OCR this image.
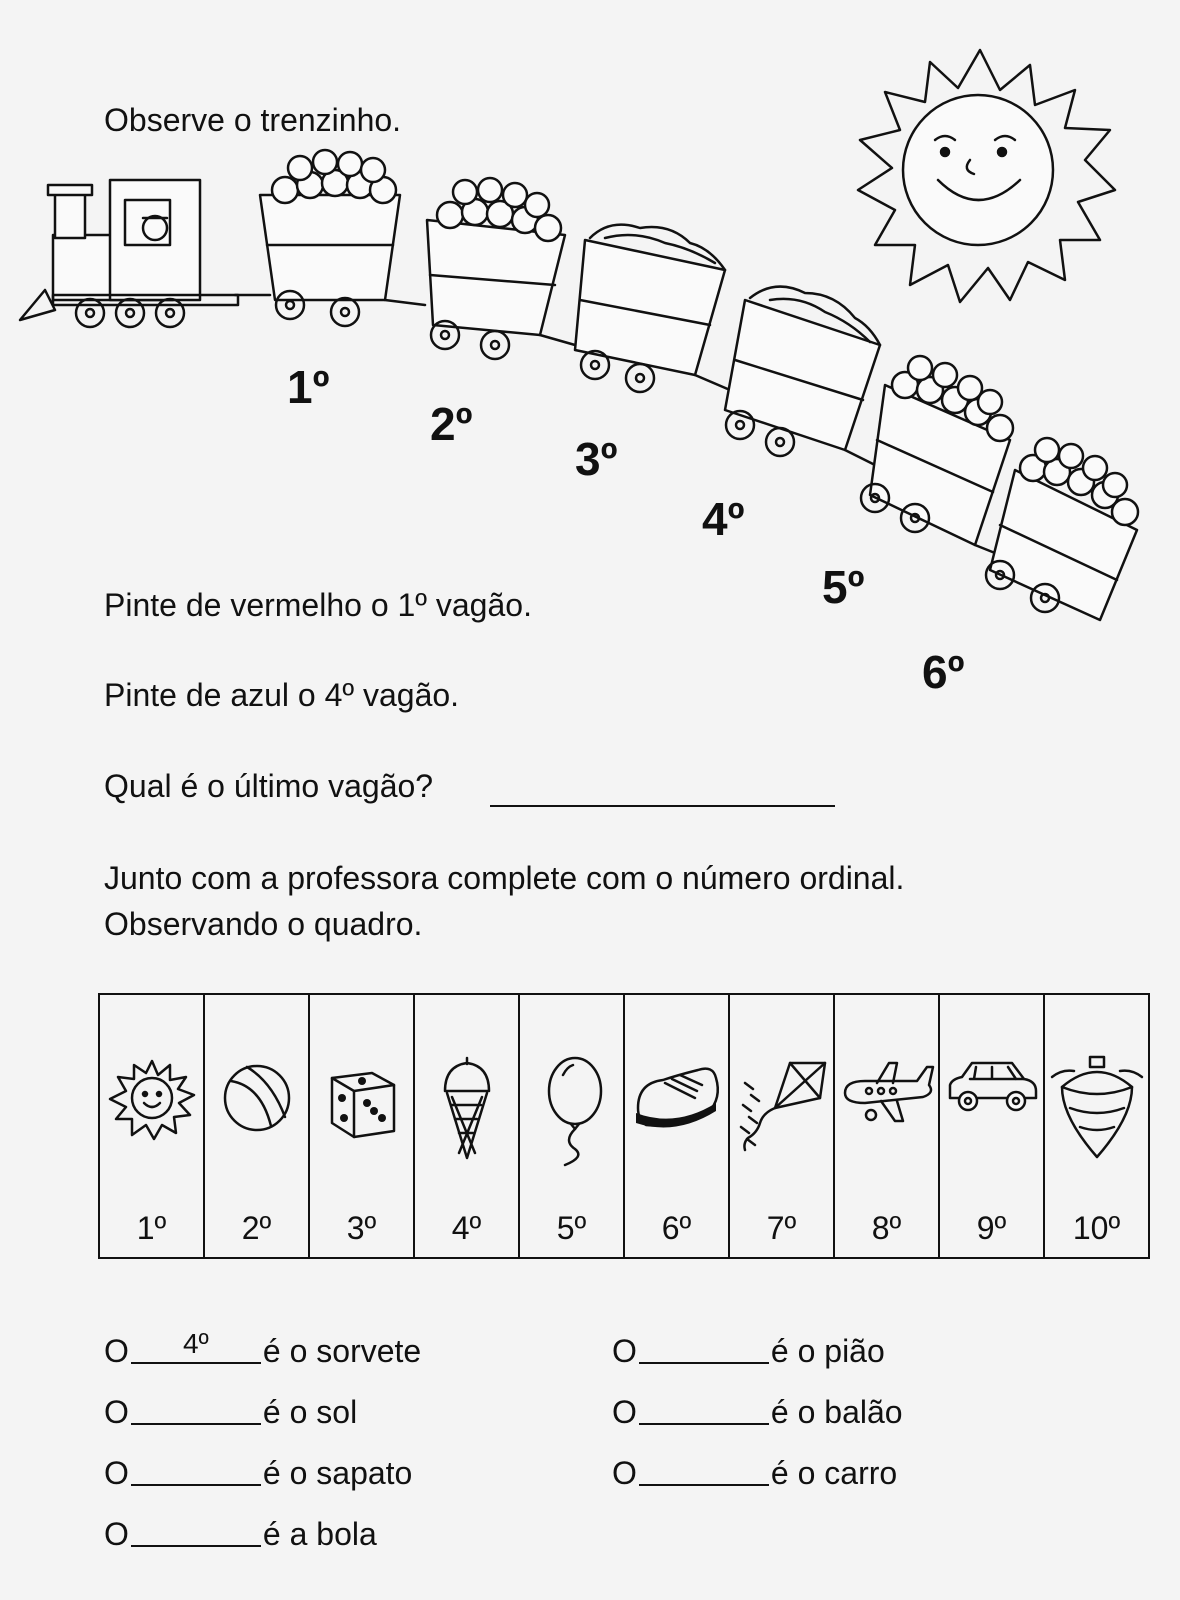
Observe o trenzinho.
1º
2º
3º
4º
5º
6º
Pinte de vermelho o 1º vagão.
Pinte de azul o 4º vagão.
Qual é o último vagão?
Junto com a professora complete com o número ordinal.
Observando o quadro.
1º	2º	3º	4º	5º	6º	7º	8º	9º	10º
O	4º	é o sorvete
O	é o sol
O	é o sapato
O	é a bola
O	é o pião
O	é o balão
O	é o carro
